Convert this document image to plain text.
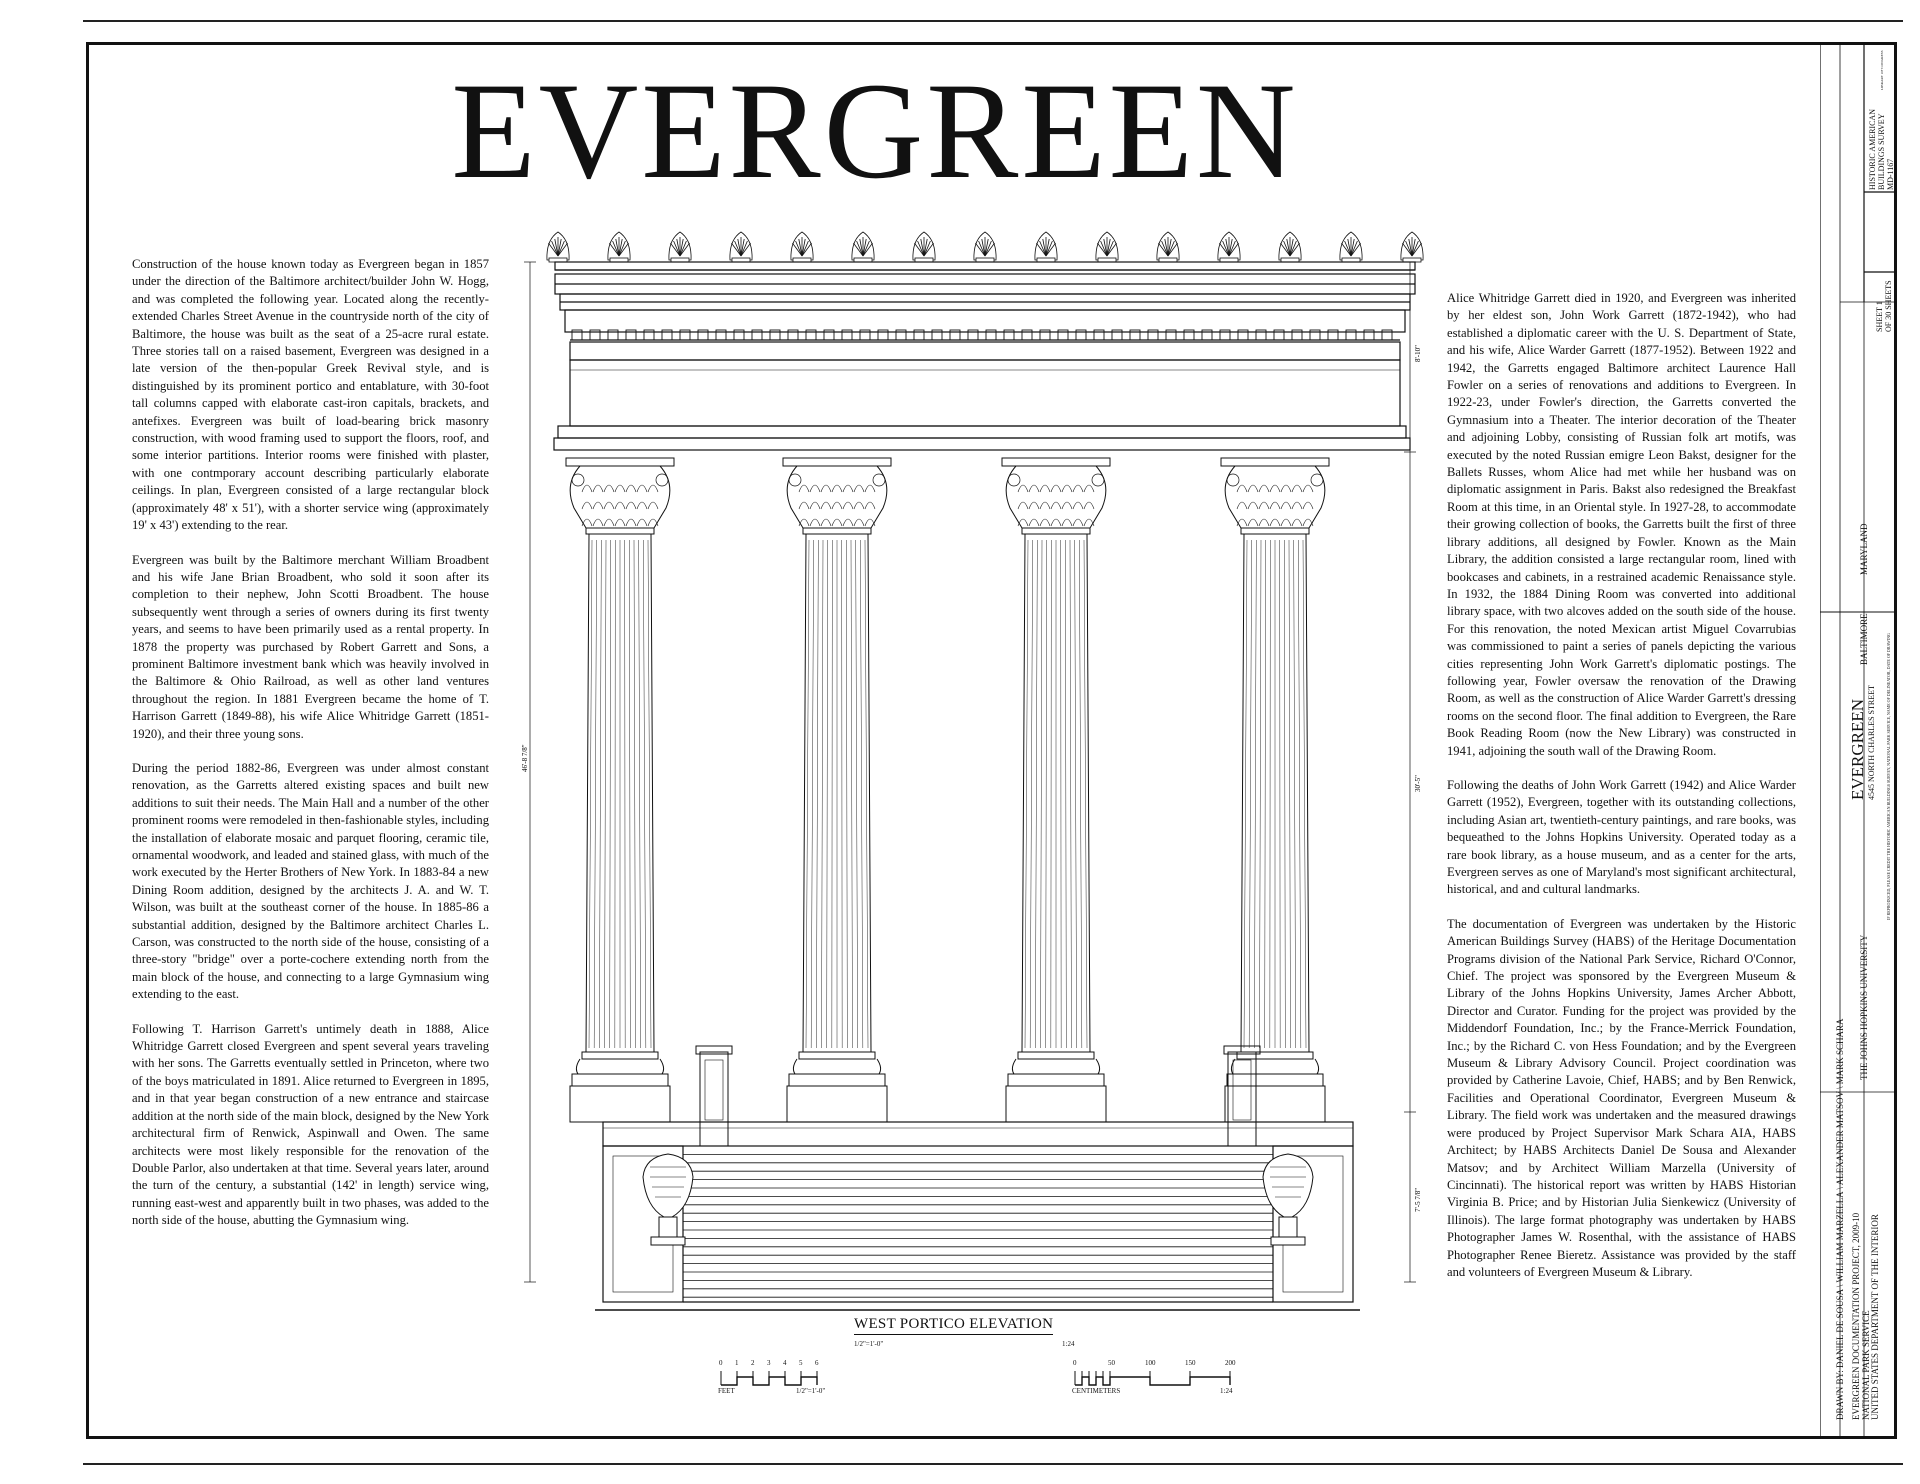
EVERGREEN

Construction of the house known today as Evergreen began in 1857 under the direction of the Baltimore architect/builder John W. Hogg, and was completed the following year. Located along the recently-extended Charles Street Avenue in the countryside north of the city of Baltimore, the house was built as the seat of a 25-acre rural estate. Three stories tall on a raised basement, Evergreen was designed in a late version of the then-popular Greek Revival style, and is distinguished by its prominent portico and entablature, with 30-foot tall columns capped with elaborate cast-iron capitals, brackets, and antefixes. Evergreen was built of load-bearing brick masonry construction, with wood framing used to support the floors, roof, and some interior partitions. Interior rooms were finished with plaster, with one contmporary account describing particularly elaborate ceilings. In plan, Evergreen consisted of a large rectangular block (approximately 48' x 51'), with a shorter service wing (approximately 19' x 43') extending to the rear.

Evergreen was built by the Baltimore merchant William Broadbent and his wife Jane Brian Broadbent, who sold it soon after its completion to their nephew, John Scotti Broadbent. The house subsequently went through a series of owners during its first twenty years, and seems to have been primarily used as a rental property. In 1878 the property was purchased by Robert Garrett and Sons, a prominent Baltimore investment bank which was heavily involved in the Baltimore & Ohio Railroad, as well as other land ventures throughout the region. In 1881 Evergreen became the home of T. Harrison Garrett (1849-88), his wife Alice Whitridge Garrett (1851-1920), and their three young sons.

During the period 1882-86, Evergreen was under almost constant renovation, as the Garretts altered existing spaces and built new additions to suit their needs. The Main Hall and a number of the other prominent rooms were remodeled in then-fashionable styles, including the installation of elaborate mosaic and parquet flooring, ceramic tile, ornamental woodwork, and leaded and stained glass, with much of the work executed by the Herter Brothers of New York. In 1883-84 a new Dining Room addition, designed by the architects J. A. and W. T. Wilson, was built at the southeast corner of the house. In 1885-86 a substantial addition, designed by the Baltimore architect Charles L. Carson, was constructed to the north side of the house, consisting of a three-story "bridge" over a porte-cochere extending north from the main block of the house, and connecting to a large Gymnasium wing extending to the east.

Following T. Harrison Garrett's untimely death in 1888, Alice Whitridge Garrett closed Evergreen and spent several years traveling with her sons. The Garretts eventually settled in Princeton, where two of the boys matriculated in 1891. Alice returned to Evergreen in 1895, and in that year began construction of a new entrance and staircase addition at the north side of the main block, designed by the New York architectural firm of Renwick, Aspinwall and Owen. The same architects were most likely responsible for the renovation of the Double Parlor, also undertaken at that time. Several years later, around the turn of the century, a substantial (142' in length) service wing, running east-west and apparently built in two phases, was added to the north side of the house, abutting the Gymnasium wing.

Alice Whitridge Garrett died in 1920, and Evergreen was inherited by her eldest son, John Work Garrett (1872-1942), who had established a diplomatic career with the U. S. Department of State, and his wife, Alice Warder Garrett (1877-1952). Between 1922 and 1942, the Garretts engaged Baltimore architect Laurence Hall Fowler on a series of renovations and additions to Evergreen. In 1922-23, under Fowler's direction, the Garretts converted the Gymnasium into a Theater. The interior decoration of the Theater and adjoining Lobby, consisting of Russian folk art motifs, was executed by the noted Russian emigre Leon Bakst, designer for the Ballets Russes, whom Alice had met while her husband was on diplomatic assignment in Paris. Bakst also redesigned the Breakfast Room at this time, in an Oriental style. In 1927-28, to accommodate their growing collection of books, the Garretts built the first of three library additions, all designed by Fowler. Known as the Main Library, the addition consisted a large rectangular room, lined with bookcases and cabinets, in a restrained academic Renaissance style. In 1932, the 1884 Dining Room was converted into additional library space, with two alcoves added on the south side of the house. For this renovation, the noted Mexican artist Miguel Covarrubias was commissioned to paint a series of panels depicting the various cities representing John Work Garrett's diplomatic postings. The following year, Fowler oversaw the renovation of the Drawing Room, as well as the construction of Alice Warder Garrett's dressing rooms on the second floor. The final addition to Evergreen, the Rare Book Reading Room (now the New Library) was constructed in 1941, adjoining the south wall of the Drawing Room.

Following the deaths of John Work Garrett (1942) and Alice Warder Garrett (1952), Evergreen, together with its outstanding collections, including Asian art, twentieth-century paintings, and rare books, was bequeathed to the Johns Hopkins University. Operated today as a rare book library, as a house museum, and as a center for the arts, Evergreen serves as one of Maryland's most significant architectural, historical, and and cultural landmarks.

The documentation of Evergreen was undertaken by the Historic American Buildings Survey (HABS) of the Heritage Documentation Programs division of the National Park Service, Richard O'Connor, Chief. The project was sponsored by the Evergreen Museum & Library of the Johns Hopkins University, James Archer Abbott, Director and Curator. Funding for the project was provided by the Middendorf Foundation, Inc.; by the France-Merrick Foundation, Inc.; by the Richard C. von Hess Foundation; and by the Evergreen Museum & Library Advisory Council. Project coordination was provided by Catherine Lavoie, Chief, HABS; and by Ben Renwick, Facilities and Operational Coordinator, Evergreen Museum & Library. The field work was undertaken and the measured drawings were produced by Project Supervisor Mark Schara AIA, HABS Architect; by HABS Architects Daniel De Sousa and Alexander Matsov; and by Architect William Marzella (University of Cincinnati). The historical report was written by HABS Historian Virginia B. Price; and by Historian Julia Sienkewicz (University of Illinois). The large format photography was undertaken by HABS Photographer James W. Rosenthal, with the assistance of HABS Photographer Renee Bieretz. Assistance was provided by the staff and volunteers of Evergreen Museum & Library.

46'-8 7/8"
8'-10"
30'-5"
7'-5 7/8"
WEST PORTICO ELEVATION
1/2"=1'-0"	1:24
0 1 2 3 4 5 6
FEET	1/2"=1'-0"
0	50	100	150	200
CENTIMETERS	1:24	DRAWN BY: DANIEL DE SOUSA \ WILLIAM MARZELLA \ ALEXANDER MATSOV \ MARK SCHARA EVERGREEN DOCUMENTATION PROJECT, 2009-10 NATIONAL PARK SERVICE UNITED STATES DEPARTMENT OF THE INTERIOR
THE JOHNS HOPKINS UNIVERSITY
EVERGREEN 4545 NORTH CHARLES STREET
BALTIMORE
MARYLAND
IF REPRODUCED, PLEASE CREDIT THE HISTORIC AMERICAN BUILDINGS SURVEY, NATIONAL PARK SERVICE, NAME OF DELINEATOR, DATE OF DRAWING
SHEET 1 OF 30 SHEETS
HISTORIC AMERICAN BUILDINGS SURVEY MD-1167
LIBRARY OF CONGRESS
